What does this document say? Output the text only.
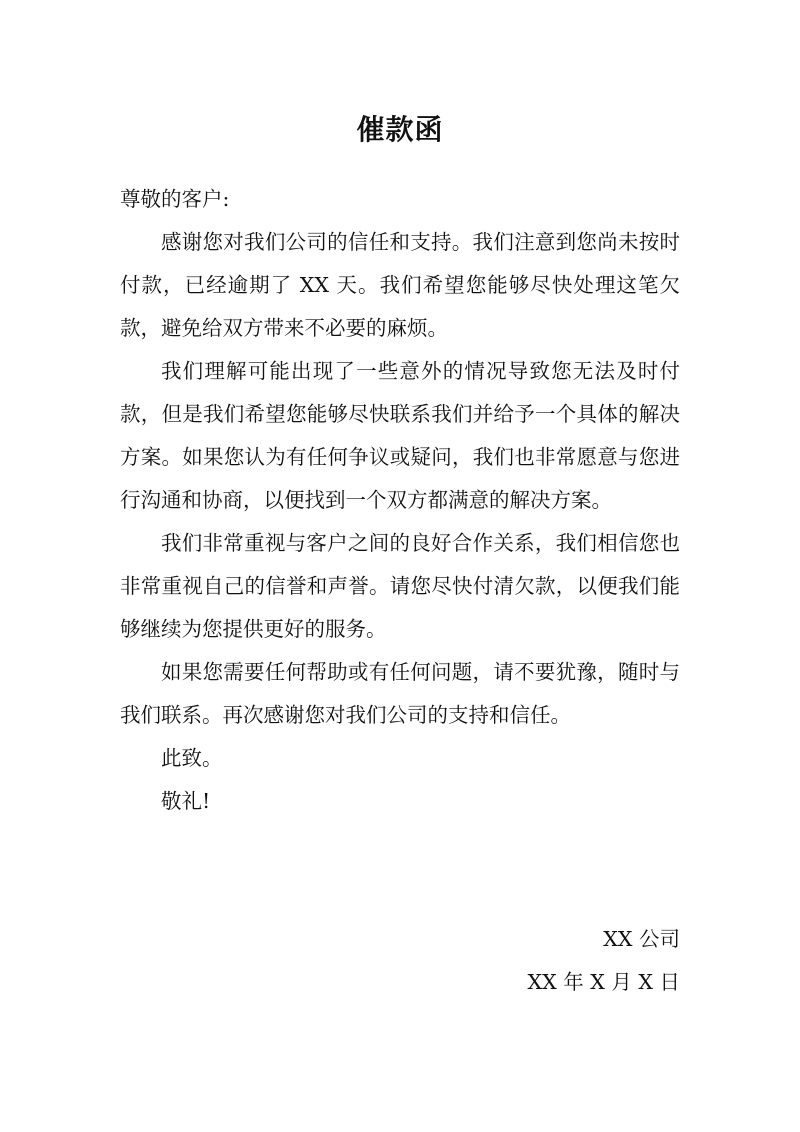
催款函

尊敬的客户:

感谢您对我们公司的信任和支持。我们注意到您尚未按时付款，已经逾期了 XX 天。我们希望您能够尽快处理这笔欠款，避免给双方带来不必要的麻烦。

我们理解可能出现了一些意外的情况导致您无法及时付款，但是我们希望您能够尽快联系我们并给予一个具体的解决方案。如果您认为有任何争议或疑问，我们也非常愿意与您进行沟通和协商，以便找到一个双方都满意的解决方案。

我们非常重视与客户之间的良好合作关系，我们相信您也非常重视自己的信誉和声誉。请您尽快付清欠款，以便我们能够继续为您提供更好的服务。

如果您需要任何帮助或有任何问题，请不要犹豫，随时与我们联系。再次感谢您对我们公司的支持和信任。

此致。

敬礼!

XX 公司

XX 年 X 月 X 日
